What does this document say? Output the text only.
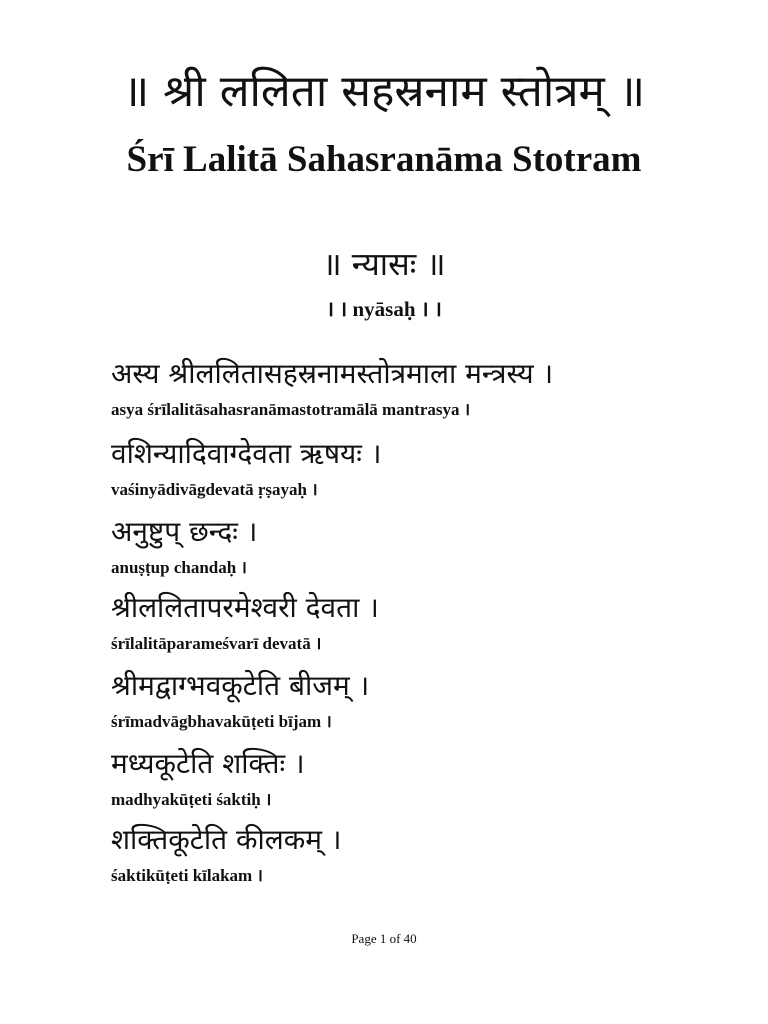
॥ श्री ललिता सहस्रनाम स्तोत्रम् ॥
Śrī Lalitā Sahasranāma Stotram
॥ न्यासः ॥
। । nyāsaḥ । ।
अस्य श्रीललितासहस्रनामस्तोत्रमाला मन्त्रस्य ।
asya śrīlalitāsahasranāmastotramālā mantrasya ।
वशिन्यादिवाग्देवता ऋषयः ।
vaśinyādivāgdevatā ṛṣayaḥ ।
अनुष्टुप् छन्दः ।
anuṣṭup chandaḥ ।
श्रीललितापरमेश्वरी देवता ।
śrīlalitāparameśvarī devatā ।
श्रीमद्वाग्भवकूटेति बीजम् ।
śrīmadvāgbhavakūṭeti bījam ।
मध्यकूटेति शक्तिः ।
madhyakūṭeti śaktiḥ ।
शक्तिकूटेति कीलकम् ।
śaktikūṭeti kīlakam ।
Page 1 of 40
